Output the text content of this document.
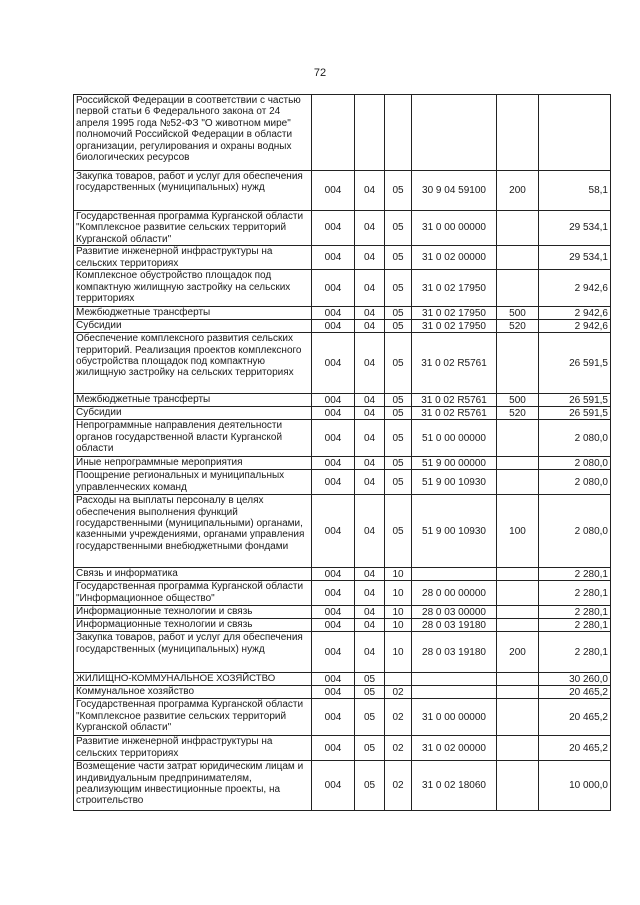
72
Российской Федерации в соответствии с частью первой статьи 6 Федерального закона от 24 апреля 1995 года №52-ФЗ "О животном мире" полномочий Российской Федерации в области организации, регулирования и охраны водных биологических ресурсов						
Закупка товаров, работ и услуг для обеспечения государственных (муниципальных) нужд	004	04	05	30 9 04 59100	200	58,1
Государственная программа Курганской области "Комплексное развитие сельских территорий Курганской области"	004	04	05	31 0 00 00000		29 534,1
Развитие инженерной инфраструктуры на сельских территориях	004	04	05	31 0 02 00000		29 534,1
Комплексное обустройство площадок под компактную жилищную застройку на сельских территориях	004	04	05	31 0 02 17950		2 942,6
Межбюджетные трансферты	004	04	05	31 0 02 17950	500	2 942,6
Субсидии	004	04	05	31 0 02 17950	520	2 942,6
Обеспечение комплексного развития сельских территорий. Реализация проектов комплексного обустройства площадок под компактную жилищную застройку на сельских территориях	004	04	05	31 0 02 R5761		26 591,5
Межбюджетные трансферты	004	04	05	31 0 02 R5761	500	26 591,5
Субсидии	004	04	05	31 0 02 R5761	520	26 591,5
Непрограммные направления деятельности органов государственной власти Курганской области	004	04	05	51 0 00 00000		2 080,0
Иные непрограммные мероприятия	004	04	05	51 9 00 00000		2 080,0
Поощрение региональных и муниципальных управленческих команд	004	04	05	51 9 00 10930		2 080,0
Расходы на выплаты персоналу в целях обеспечения выполнения функций государственными (муниципальными) органами, казенными учреждениями, органами управления государственными внебюджетными фондами	004	04	05	51 9 00 10930	100	2 080,0
Связь и информатика	004	04	10			2 280,1
Государственная программа Курганской области "Информационное общество"	004	04	10	28 0 00 00000		2 280,1
Информационные технологии и связь	004	04	10	28 0 03 00000		2 280,1
Информационные технологии и связь	004	04	10	28 0 03 19180		2 280,1
Закупка товаров, работ и услуг для обеспечения государственных (муниципальных) нужд	004	04	10	28 0 03 19180	200	2 280,1
ЖИЛИЩНО-КОММУНАЛЬНОЕ ХОЗЯЙСТВО	004	05				30 260,0
Коммунальное хозяйство	004	05	02			20 465,2
Государственная программа Курганской области "Комплексное развитие сельских территорий Курганской области"	004	05	02	31 0 00 00000		20 465,2
Развитие инженерной инфраструктуры на сельских территориях	004	05	02	31 0 02 00000		20 465,2
Возмещение части затрат юридическим лицам и индивидуальным предпринимателям, реализующим инвестиционные проекты, на строительство	004	05	02	31 0 02 18060		10 000,0
